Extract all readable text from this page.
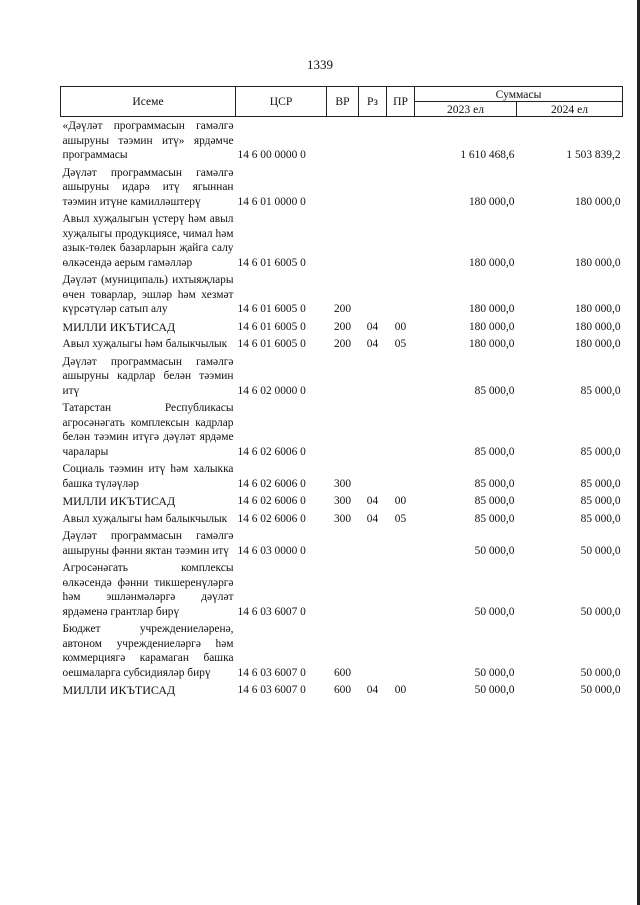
1339
Исеме	ЦСР	ВР	Рз	ПР	Суммасы	
					2023 ел	2024 ел
«Дәүләт программасын гамәлгә ашыруны тәэмин итү» ярдәмче программасы	14 6 00 0000 0				1 610 468,6	1 503 839,2
Дәүләт программасын гамәлгә ашыруны идарә итү ягыннан тәэмин итүне камилләштерү	14 6 01 0000 0				180 000,0	180 000,0
Авыл хуҗалыгын үстерү һәм авыл хуҗалыгы продукциясе, чимал һәм азык-төлек базарларын җайга салу өлкәсендә аерым гамәлләр	14 6 01 6005 0				180 000,0	180 000,0
Дәүләт (муниципаль) ихтыяҗлары өчен товарлар, эшләр һәм хезмәт күрсәтүләр сатып алу	14 6 01 6005 0	200			180 000,0	180 000,0
МИЛЛИ ИКЪТИСАД	14 6 01 6005 0	200	04	00	180 000,0	180 000,0
Авыл хуҗалыгы һәм балыкчылык	14 6 01 6005 0	200	04	05	180 000,0	180 000,0
Дәүләт программасын гамәлгә ашыруны кадрлар белән тәэмин итү	14 6 02 0000 0				85 000,0	85 000,0
Татарстан Республикасы агросәнәгать комплексын кадрлар белән тәэмин итүгә дәүләт ярдәме чаралары	14 6 02 6006 0				85 000,0	85 000,0
Социаль тәэмин итү һәм халыкка башка түләүләр	14 6 02 6006 0	300			85 000,0	85 000,0
МИЛЛИ ИКЪТИСАД	14 6 02 6006 0	300	04	00	85 000,0	85 000,0
Авыл хуҗалыгы һәм балыкчылык	14 6 02 6006 0	300	04	05	85 000,0	85 000,0
Дәүләт программасын гамәлгә ашыруны фәнни яктан тәэмин итү	14 6 03 0000 0				50 000,0	50 000,0
Агросәнәгать комплексы өлкәсендә фәнни тикшеренүләргә һәм эшләнмәләргә дәүләт ярдәменә грантлар бирү	14 6 03 6007 0				50 000,0	50 000,0
Бюджет учреждениеләренә, автоном учреждениеләргә һәм коммерциягә карамаган башка оешмаларга субсидияләр бирү	14 6 03 6007 0	600			50 000,0	50 000,0
МИЛЛИ ИКЪТИСАД	14 6 03 6007 0	600	04	00	50 000,0	50 000,0
